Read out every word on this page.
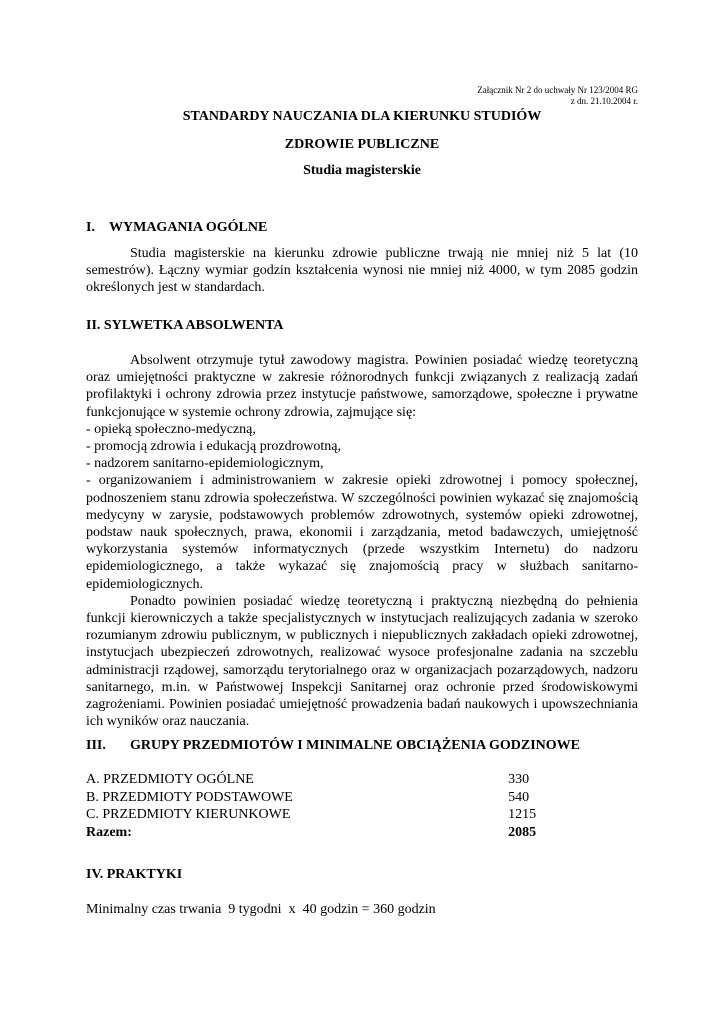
Załącznik Nr 2 do uchwały Nr 123/2004 RG
z dn. 21.10.2004 r.
STANDARDY NAUCZANIA DLA KIERUNKU STUDIÓW
ZDROWIE PUBLICZNE
Studia magisterskie
I. WYMAGANIA OGÓLNE

Studia magisterskie na kierunku zdrowie publiczne trwają nie mniej niż 5 lat (10 semestrów). Łączny wymiar godzin kształcenia wynosi nie mniej niż 4000, w tym 2085 godzin określonych jest w standardach.

II. SYLWETKA ABSOLWENTA

Absolwent otrzymuje tytuł zawodowy magistra. Powinien posiadać wiedzę teoretyczną oraz umiejętności praktyczne w zakresie różnorodnych funkcji związanych z realizacją zadań profilaktyki i ochrony zdrowia przez instytucje państwowe, samorządowe, społeczne i prywatne funkcjonujące w systemie ochrony zdrowia, zajmujące się:

- opieką społeczno-medyczną,

- promocją zdrowia i edukacją prozdrowotną,

- nadzorem sanitarno-epidemiologicznym,

- organizowaniem i administrowaniem w zakresie opieki zdrowotnej i pomocy społecznej, podnoszeniem stanu zdrowia społeczeństwa. W szczególności powinien wykazać się znajomością medycyny w zarysie, podstawowych problemów zdrowotnych, systemów opieki zdrowotnej, podstaw nauk społecznych, prawa, ekonomii i zarządzania, metod badawczych, umiejętność wykorzystania systemów informatycznych (przede wszystkim Internetu) do nadzoru epidemiologicznego, a także wykazać się znajomością pracy w służbach sanitarno-epidemiologicznych.

Ponadto powinien posiadać wiedzę teoretyczną i praktyczną niezbędną do pełnienia funkcji kierowniczych a także specjalistycznych w instytucjach realizujących zadania w szeroko rozumianym zdrowiu publicznym, w publicznych i niepublicznych zakładach opieki zdrowotnej, instytucjach ubezpieczeń zdrowotnych, realizować wysoce profesjonalne zadania na szczeblu administracji rządowej, samorządu terytorialnego oraz w organizacjach pozarządowych, nadzoru sanitarnego, m.in. w Państwowej Inspekcji Sanitarnej oraz ochronie przed środowiskowymi zagrożeniami. Powinien posiadać umiejętność prowadzenia badań naukowych i upowszechniania ich wyników oraz nauczania.

III. GRUPY PRZEDMIOTÓW I MINIMALNE OBCIĄŻENIA GODZINOWE
A. PRZEDMIOTY OGÓLNE	330
B. PRZEDMIOTY PODSTAWOWE	540
C. PRZEDMIOTY KIERUNKOWE	1215
Razem:	2085
IV. PRAKTYKI
Minimalny czas trwania  9 tygodni  x  40 godzin = 360 godzin
